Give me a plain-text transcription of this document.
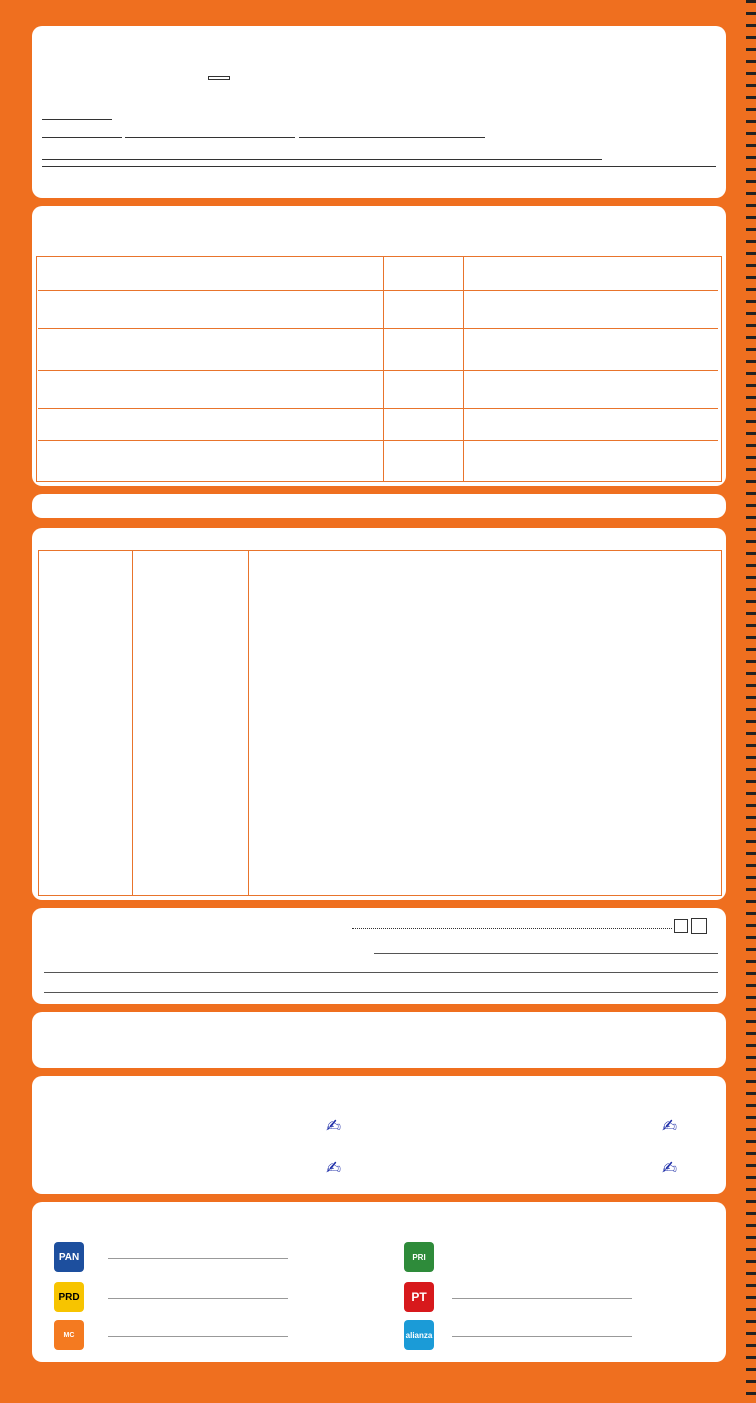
✍	✍

✍	✍
PAN
PRD
MC
PRI
PT
alianza
